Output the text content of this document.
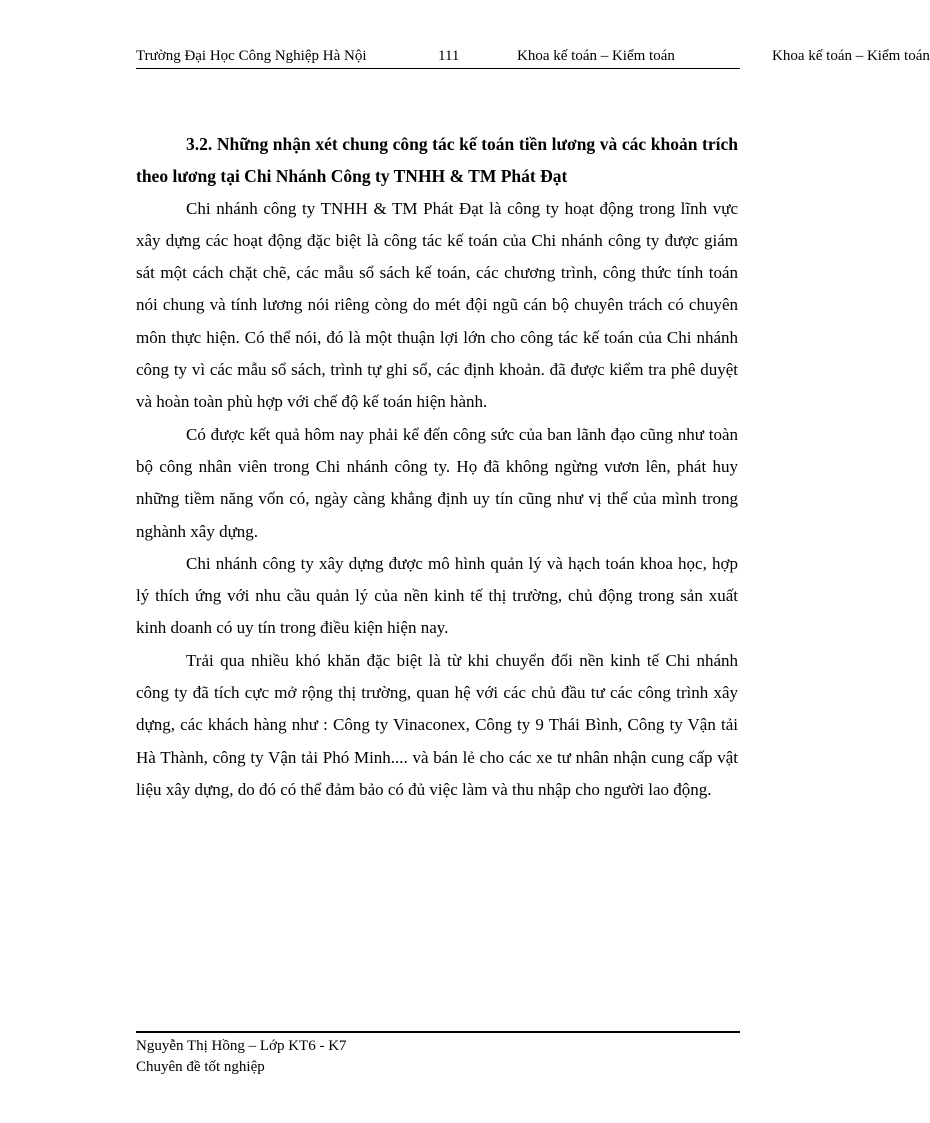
Trường Đại Học Công Nghiệp Hà Nội	111	Khoa kế toán – Kiểm toán	Khoa kế toán – Kiểm toán

3.2. Những nhận xét chung công tác kế toán tiền lương và các khoản trích theo lương tại Chi Nhánh Công ty TNHH & TM Phát Đạt

Chi nhánh công ty TNHH & TM Phát Đạt là công ty hoạt động trong lĩnh vực xây dựng các hoạt động đặc biệt là công tác kế toán của Chi nhánh công ty được giám sát một cách chặt chẽ, các mẫu sổ sách kế toán, các chương trình, công thức tính toán nói chung và tính lương nói riêng còng do mét đội ngũ cán bộ chuyên trách có chuyên môn thực hiện. Có thể nói, đó là một thuận lợi lớn cho công tác kế toán của Chi nhánh công ty vì các mẫu sổ sách, trình tự ghi sổ, các định khoản. đã được kiểm tra phê duyệt và hoàn toàn phù hợp với chế độ kế toán hiện hành.

Có được kết quả hôm nay phải kể đến công sức của ban lãnh đạo cũng như toàn bộ công nhân viên trong Chi nhánh công ty. Họ đã không ngừng vươn lên, phát huy những tiềm năng vốn có, ngày càng khẳng định uy tín cũng như vị thế của mình trong nghành xây dựng.

Chi nhánh công ty xây dựng được mô hình quản lý và hạch toán khoa học, hợp lý thích ứng với nhu cầu quản lý của nền kinh tế thị trường, chủ động trong sản xuất kinh doanh có uy tín trong điều kiện hiện nay.

Trải qua nhiều khó khăn đặc biệt là từ khi chuyển đổi nền kinh tế Chi nhánh công ty đã tích cực mở rộng thị trường, quan hệ với các chủ đầu tư các công trình xây dựng, các khách hàng như : Công ty Vinaconex, Công ty 9 Thái Bình, Công ty Vận tải Hà Thành, công ty Vận tải Phó Minh.... và bán lẻ cho các xe tư nhân nhận cung cấp vật liệu xây dựng, do đó có thể đảm bảo có đủ việc làm và thu nhập cho người lao động.

Nguyễn Thị Hồng – Lớp KT6 - K7
Chuyên đề tốt nghiệp
